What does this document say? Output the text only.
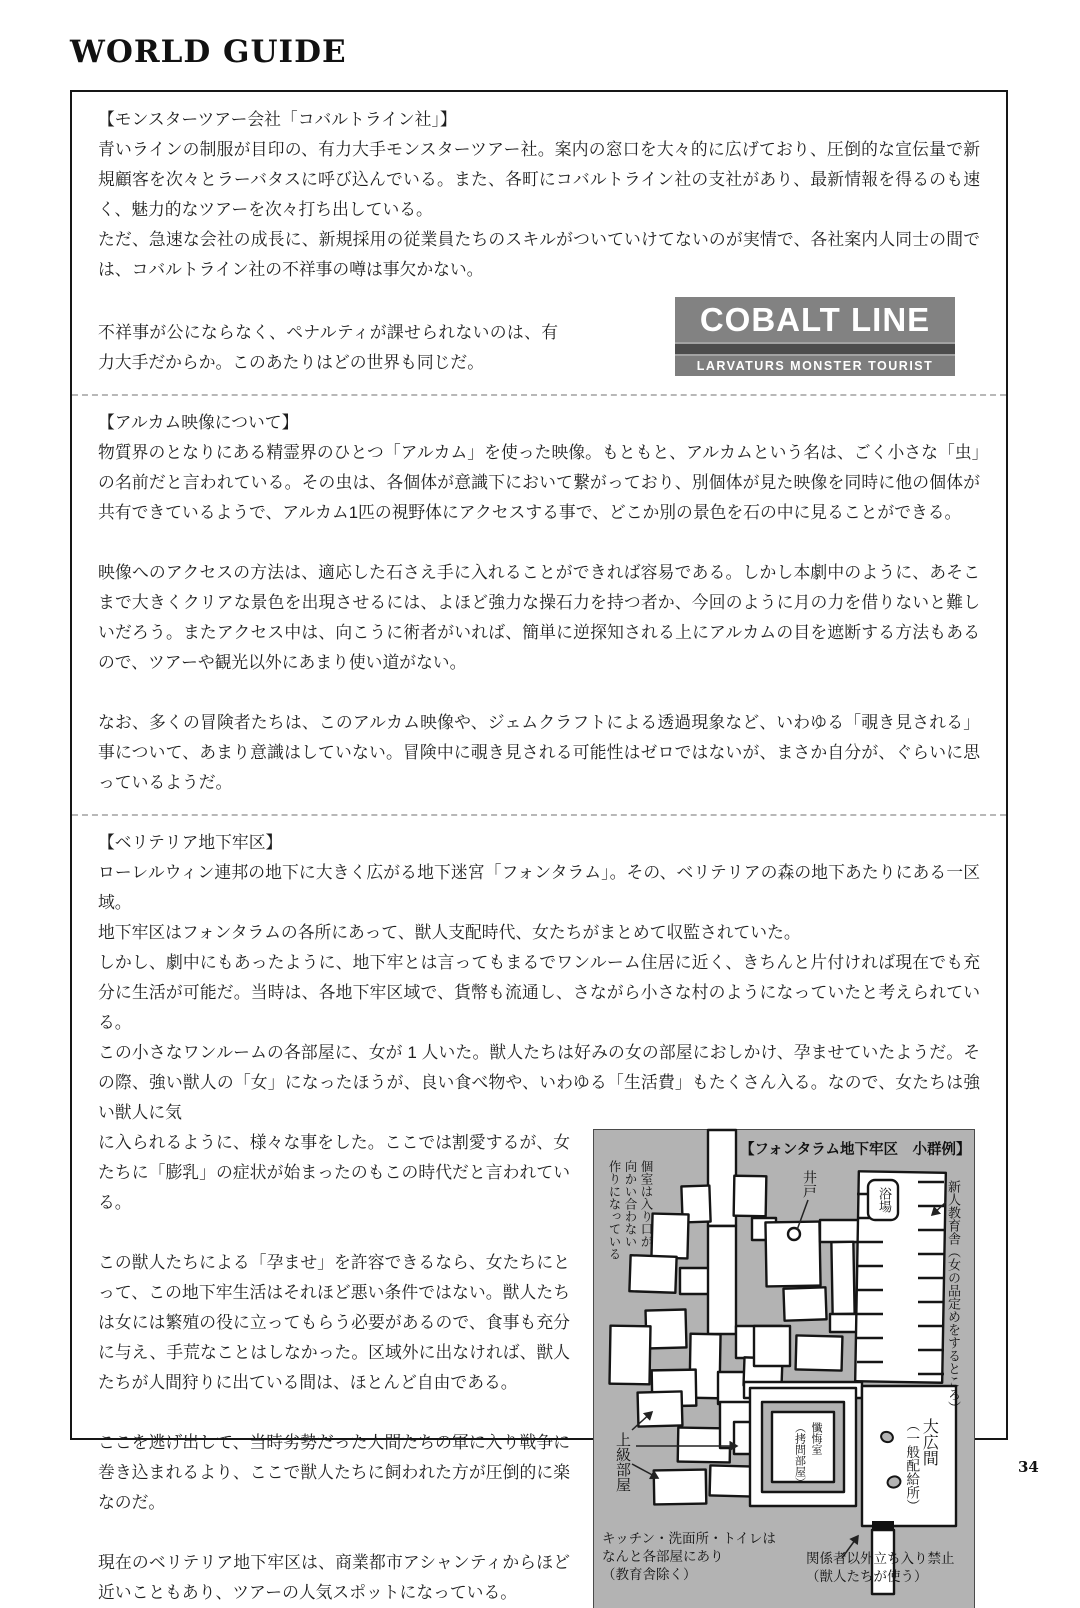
WORLD GUIDE

【モンスターツアー会社「コバルトライン社」】

青いラインの制服が目印の、有力大手モンスターツアー社。案内の窓口を大々的に広げており、圧倒的な宣伝量で新規顧客を次々とラーバタスに呼び込んでいる。また、各町にコバルトライン社の支社があり、最新情報を得るのも速く、魅力的なツアーを次々打ち出している。

ただ、急速な会社の成長に、新規採用の従業員たちのスキルがついていけてないのが実情で、各社案内人同士の間では、コバルトライン社の不祥事の噂は事欠かない。

不祥事が公にならなく、ペナルティが課せられないのは、有力大手だからか。このあたりはどの世界も同じだ。

COBALT LINE
LARVATURS MONSTER TOURIST

【アルカム映像について】

物質界のとなりにある精霊界のひとつ「アルカム」を使った映像。もともと、アルカムという名は、ごく小さな「虫」の名前だと言われている。その虫は、各個体が意識下において繋がっており、別個体が見た映像を同時に他の個体が共有できているようで、アルカム1匹の視野体にアクセスする事で、どこか別の景色を石の中に見ることができる。

映像へのアクセスの方法は、適応した石さえ手に入れることができれば容易である。しかし本劇中のように、あそこまで大きくクリアな景色を出現させるには、よほど強力な操石力を持つ者か、今回のように月の力を借りないと難しいだろう。またアクセス中は、向こうに術者がいれば、簡単に逆探知される上にアルカムの目を遮断する方法もあるので、ツアーや観光以外にあまり使い道がない。

なお、多くの冒険者たちは、このアルカム映像や、ジェムクラフトによる透過現象など、いわゆる「覗き見される」事について、あまり意識はしていない。冒険中に覗き見される可能性はゼロではないが、まさか自分が、ぐらいに思っているようだ。

【ベリテリア地下牢区】

ローレルウィン連邦の地下に大きく広がる地下迷宮「フォンタラム」。その、ベリテリアの森の地下あたりにある一区域。

地下牢区はフォンタラムの各所にあって、獣人支配時代、女たちがまとめて収監されていた。

しかし、劇中にもあったように、地下牢とは言ってもまるでワンルーム住居に近く、きちんと片付ければ現在でも充分に生活が可能だ。当時は、各地下牢区域で、貨幣も流通し、さながら小さな村のようになっていたと考えられている。

この小さなワンルームの各部屋に、女が 1 人いた。獣人たちは好みの女の部屋におしかけ、孕ませていたようだ。その際、強い獣人の「女」になったほうが、良い食べ物や、いわゆる「生活費」もたくさん入る。なので、女たちは強い獣人に気

【フォンタラム地下牢区　小群例】
個室は入り口が
向かい合わない
作りになっている	井戸
浴場	新人教育舎（女の品定めをするところ）
上級部屋	懺悔室
（拷問部屋）	大広間
（一般配給所）
キッチン・洗面所・トイレは
なんと各部屋にあり
（教育舎除く）
関係者以外立ち入り禁止
（獣人たちが使う）

に入られるように、様々な事をした。ここでは割愛するが、女たちに「膨乳」の症状が始まったのもこの時代だと言われている。

この獣人たちによる「孕ませ」を許容できるなら、女たちにとって、この地下牢生活はそれほど悪い条件ではない。獣人たちは女には繁殖の役に立ってもらう必要があるので、食事も充分に与え、手荒なことはしなかった。区域外に出なければ、獣人たちが人間狩りに出ている間は、ほとんど自由である。

ここを逃げ出して、当時劣勢だった人間たちの軍に入り戦争に巻き込まれるより、ここで獣人たちに飼われた方が圧倒的に楽なのだ。

現在のベリテリア地下牢区は、商業都市アシャンティからほど近いこともあり、ツアーの人気スポットになっている。

34
